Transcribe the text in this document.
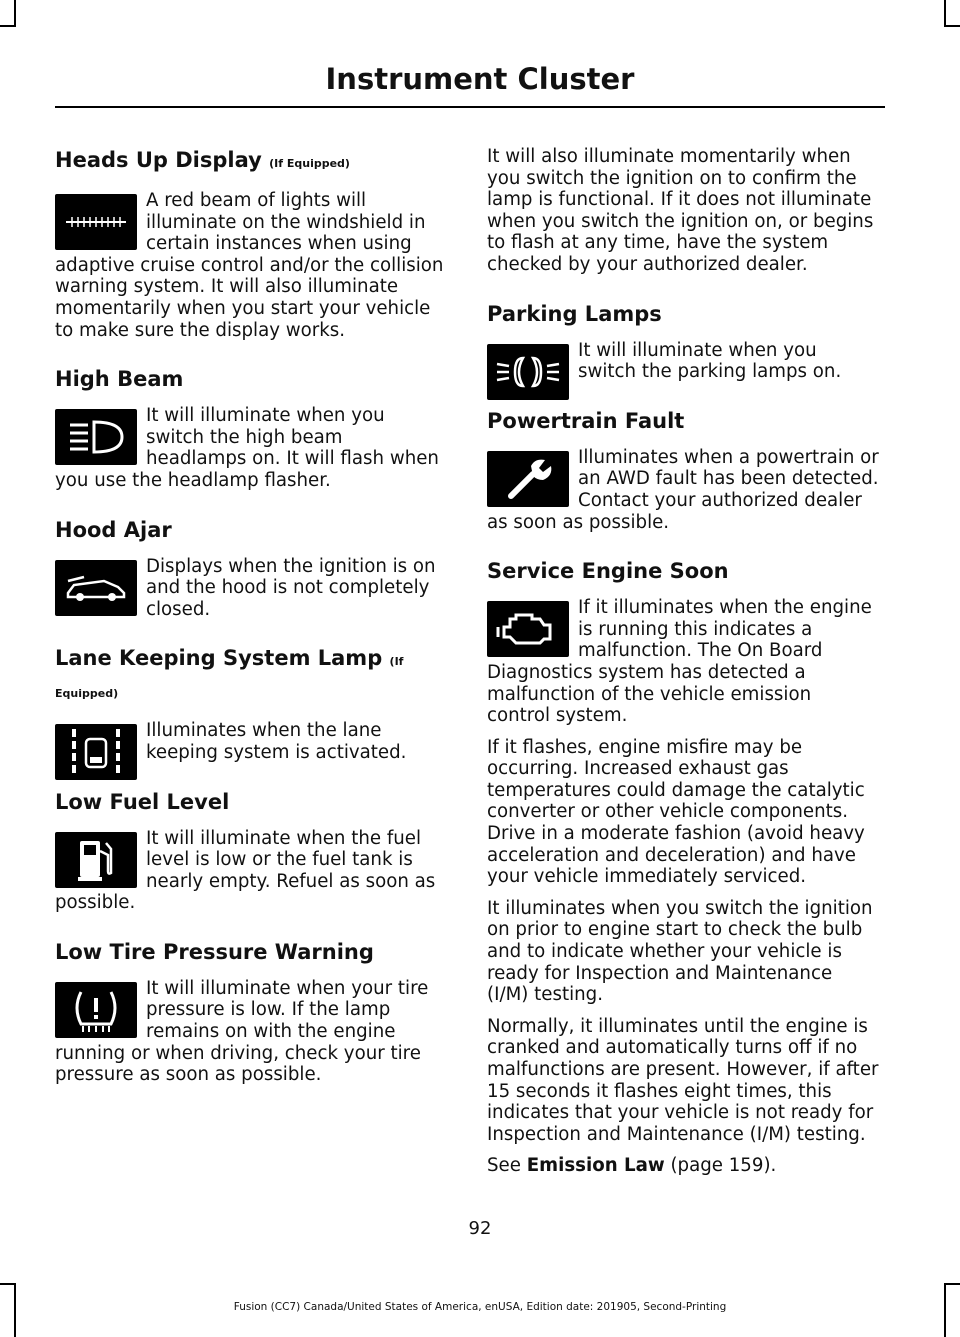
Instrument Cluster
Heads Up Display (If Equipped)

A red beam of lights will illuminate on the windshield in certain instances when using adaptive cruise control and/or the collision warning system. It will also illuminate momentarily when you start your vehicle to make sure the display works.

High Beam

It will illuminate when you switch the high beam headlamps on. It will flash when you use the headlamp flasher.

Hood Ajar

Displays when the ignition is on and the hood is not completely closed.

Lane Keeping System Lamp (If Equipped)

Illuminates when the lane keeping system is activated.

Low Fuel Level

It will illuminate when the fuel level is low or the fuel tank is nearly empty. Refuel as soon as possible.

Low Tire Pressure Warning

It will illuminate when your tire pressure is low. If the lamp remains on with the engine running or when driving, check your tire pressure as soon as possible.

It will also illuminate momentarily when you switch the ignition on to confirm the lamp is functional. If it does not illuminate when you switch the ignition on, or begins to flash at any time, have the system checked by your authorized dealer.

Parking Lamps

It will illuminate when you switch the parking lamps on.

Powertrain Fault

Illuminates when a powertrain or an AWD fault has been detected. Contact your authorized dealer as soon as possible.

Service Engine Soon

If it illuminates when the engine is running this indicates a malfunction. The On Board Diagnostics system has detected a malfunction of the vehicle emission control system.

If it flashes, engine misfire may be occurring. Increased exhaust gas temperatures could damage the catalytic converter or other vehicle components. Drive in a moderate fashion (avoid heavy acceleration and deceleration) and have your vehicle immediately serviced.

It illuminates when you switch the ignition on prior to engine start to check the bulb and to indicate whether your vehicle is ready for Inspection and Maintenance (I/M) testing.

Normally, it illuminates until the engine is cranked and automatically turns off if no malfunctions are present. However, if after 15 seconds it flashes eight times, this indicates that your vehicle is not ready for Inspection and Maintenance (I/M) testing.

See Emission Law (page 159).

92
Fusion (CC7) Canada/United States of America, enUSA, Edition date: 201905, Second-Printing
